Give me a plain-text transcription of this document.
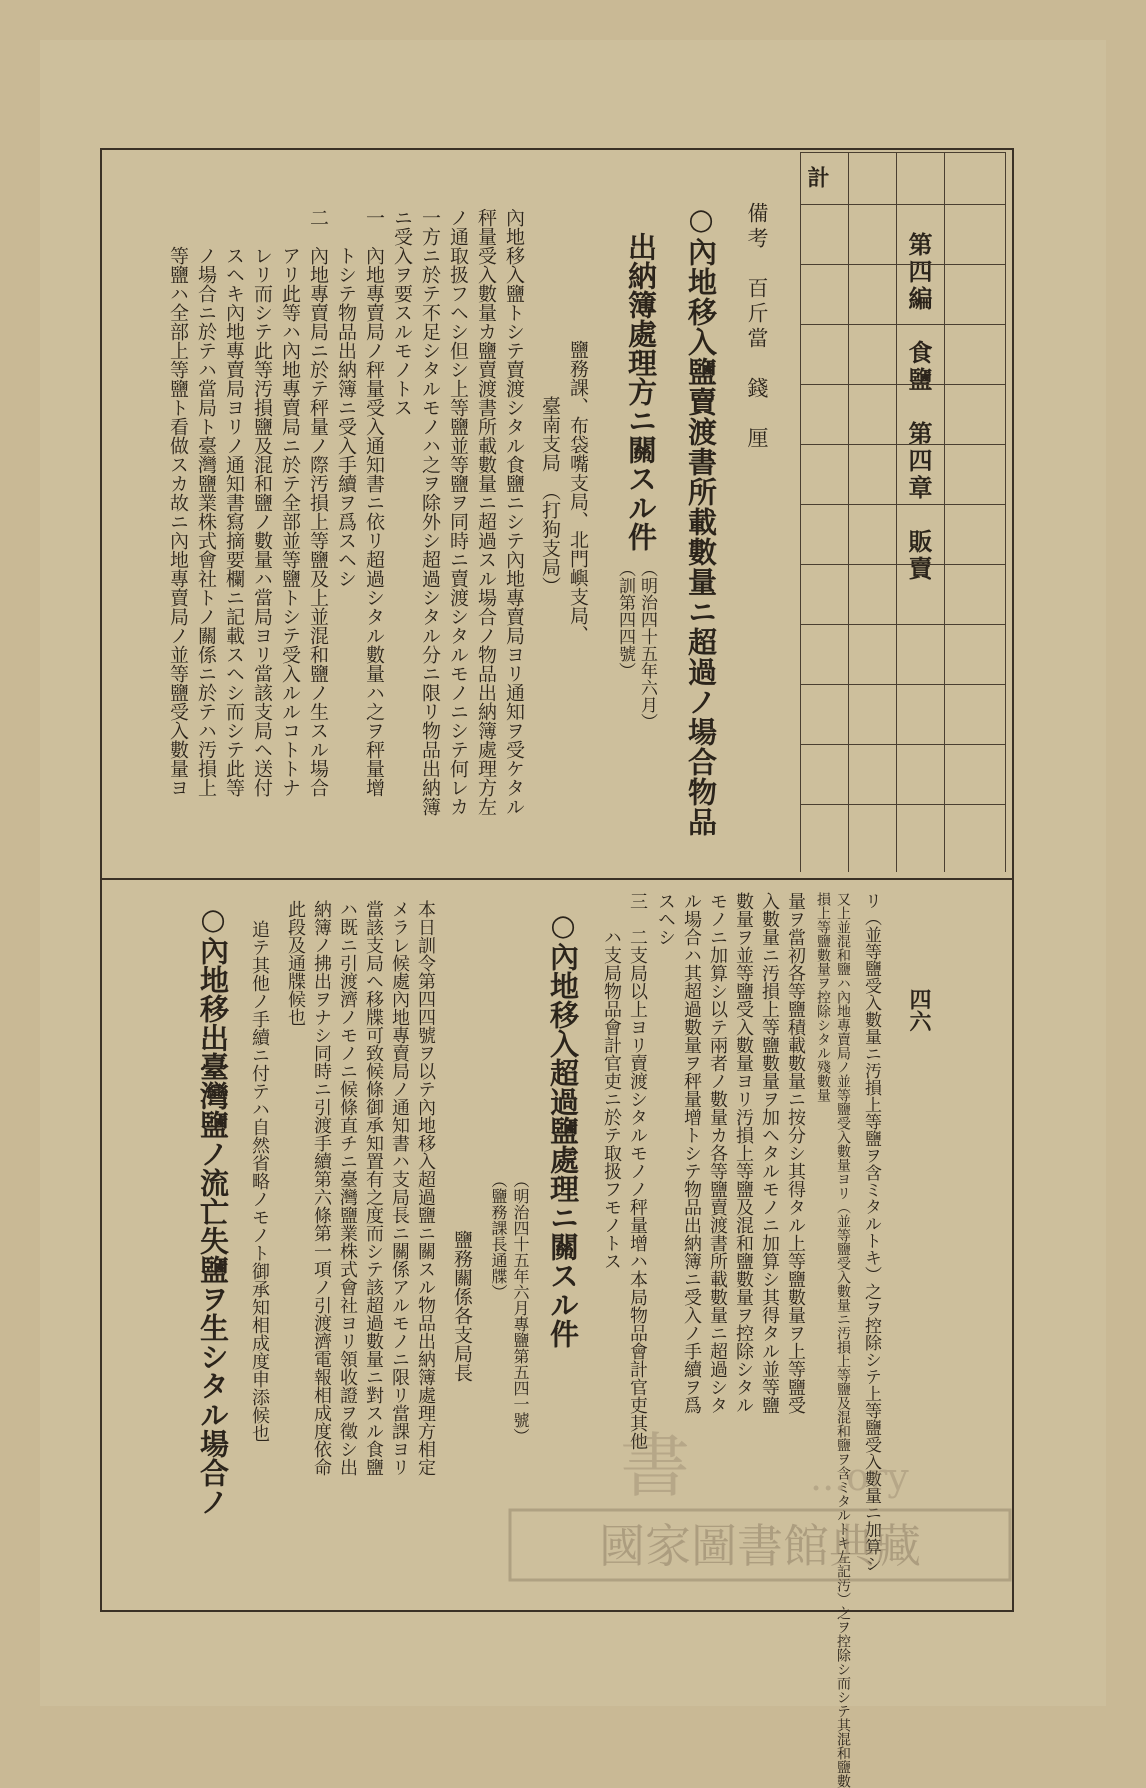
第四編　食鹽　第四章　販賣
四六
計
備考　百斤當　錢　厘
○內地移入鹽賣渡書所載數量ニ超過ノ場合物品
出納簿處理方ニ關スル件
（明治四十五年六月）
（訓第四四號）
鹽務課、布袋嘴支局、北門嶼支局、
臺南支局　（打狗支局）
內地移入鹽トシテ賣渡シタル食鹽ニシテ內地專賣局ヨリ通知ヲ受ケタル
秤量受入數量カ鹽賣渡書所載數量ニ超過スル場合ノ物品出納簿處理方左
ノ通取扱フヘシ但シ上等鹽並等鹽ヲ同時ニ賣渡シタルモノニシテ何レカ
一方ニ於テ不足シタルモノハ之ヲ除外シ超過シタル分ニ限リ物品出納簿
ニ受入ヲ要スルモノトス
一　內地專賣局ノ秤量受入通知書ニ依リ超過シタル數量ハ之ヲ秤量增
　　トシテ物品出納簿ニ受入手續ヲ爲スヘシ
二　內地專賣局ニ於テ秤量ノ際汚損上等鹽及上並混和鹽ノ生スル場合
　　アリ此等ハ內地專賣局ニ於テ全部並等鹽トシテ受入ルルコトトナ
　　レリ而シテ此等汚損鹽及混和鹽ノ數量ハ當局ヨリ當該支局ヘ送付
　　スヘキ內地專賣局ヨリノ通知書寫摘要欄ニ記載スヘシ而シテ此等
　　ノ場合ニ於テハ當局ト臺灣鹽業株式會社トノ關係ニ於テハ汚損上
　　等鹽ハ全部上等鹽ト看做スカ故ニ內地專賣局ノ並等鹽受入數量ヨ
リ（並等鹽受入數量ニ汚損上等鹽ヲ含ミタルトキ）之ヲ控除シテ上等鹽受入數量ニ加算シ
又上並混和鹽ハ內地專賣局ノ並等鹽受入數量ヨリ（並等鹽受入數量ニ汚損上等鹽及混和鹽ヲ含ミタルトキ左記汚）之ヲ控除シ而シテ其混和鹽數
損上等鹽數量ヲ控除シタル殘數量
量ヲ當初各等鹽積載數量ニ按分シ其得タル上等鹽數量ヲ上等鹽受
入數量ニ汚損上等鹽數量ヲ加ヘタルモノニ加算シ其得タル並等鹽
數量ヲ並等鹽受入數量ヨリ汚損上等鹽及混和鹽數量ヲ控除シタル
モノニ加算シ以テ兩者ノ數量カ各等鹽賣渡書所載數量ニ超過シタ
ル場合ハ其超過數量ヲ秤量增トシテ物品出納簿ニ受入ノ手續ヲ爲
スヘシ
三　二支局以上ヨリ賣渡シタルモノノ秤量增ハ本局物品會計官吏其他
　　ハ支局物品會計官吏ニ於テ取扱フモノトス
○內地移入超過鹽處理ニ關スル件
（明治四十五年六月專鹽第五四一號）
（鹽務課長通牒）
鹽務關係各支局長
本日訓令第四四號ヲ以テ內地移入超過鹽ニ關スル物品出納簿處理方相定
メラレ候處內地專賣局ノ通知書ハ支局長ニ關係アルモノニ限リ當課ヨリ
當該支局ヘ移牒可致候條御承知置有之度而シテ該超過數量ニ對スル食鹽
ハ既ニ引渡濟ノモノニ候條直チニ臺灣鹽業株式會社ヨリ領收證ヲ徵シ出
納簿ノ拂出ヲナシ同時ニ引渡手續第六條第一項ノ引渡濟電報相成度依命
此段及通牒候也
追テ其他ノ手續ニ付テハ自然省略ノモノト御承知相成度申添候也
○內地移出臺灣鹽ノ流亡失鹽ヲ生シタル場合ノ	書	...ory
國家圖書館典藏
